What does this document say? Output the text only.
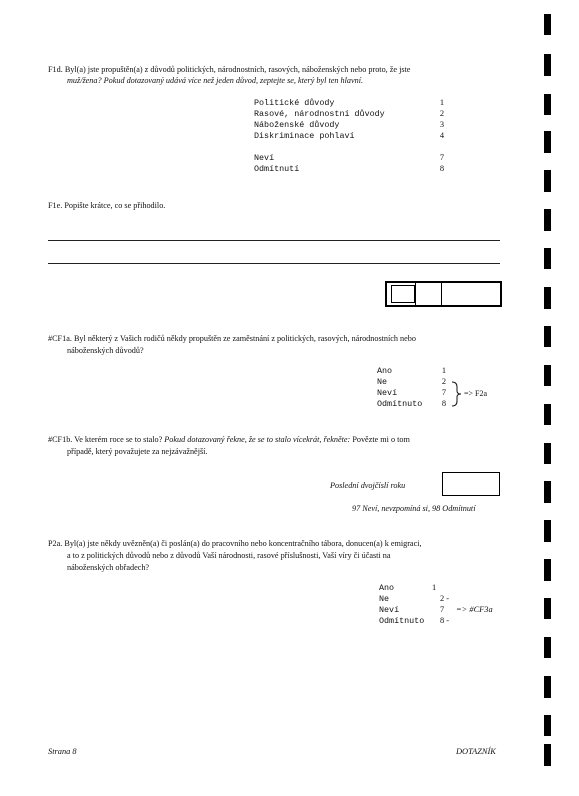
F1d. Byl(a) jste propuštěn(a) z důvodů politických, národnostních, rasových, náboženských nebo proto, že jste
muž/žena? Pokud dotazovaný udává více než jeden důvod, zeptejte se, který byl ten hlavní.
Politické důvody	1
Rasové, národnostní důvody	2
Náboženské důvody	3
Diskriminace pohlaví	4
Neví	7
Odmítnutí	8
F1e. Popište krátce, co se přihodilo.
#CF1a. Byl některý z Vašich rodičů někdy propuštěn ze zaměstnání z politických, rasových, národnostních nebo
náboženských důvodů?
Ano	1
Ne	2
Neví	7
Odmítnuto	8
=> F2a
#CF1b. Ve kterém roce se to stalo? Pokud dotazovaný řekne, že se to stalo vícekrát, řekněte: Povězte mi o tom
případě, který považujete za nejzávažnější.
Poslední dvojčíslí roku
97 Neví, nevzpomíná si, 98 Odmítnutí
P2a. Byl(a) jste někdy uvězněn(a) či poslán(a) do pracovního nebo koncentračního tábora, donucen(a) k emigraci,
a to z politických důvodů nebo z důvodů Vaší národnosti, rasové příslušnosti, Vaší víry či účasti na
náboženských obřadech?
Ano	1
Ne	2 -
Neví	7 => #CF3a
Odmítnuto 8 -
Strana 8	DOTAZNÍK
